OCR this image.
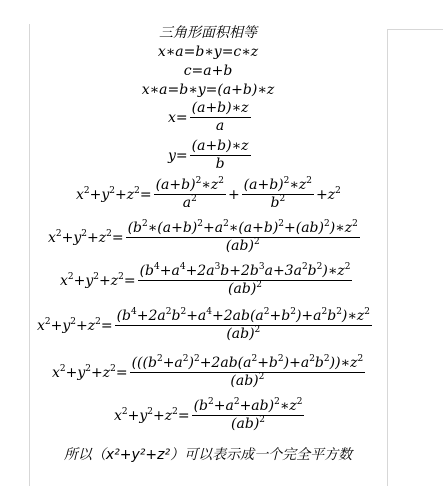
三角形面积相等
x∗a=b∗y=c∗z
c=a+b
x∗a=b∗y=(a+b)∗z
$x= \frac{(a+b)∗z}{a}$
$y= \frac{(a+b)∗z}{b}$
$x^2+y^2+z^2= \frac{(a+b)^2∗z^2}{a^2} + \frac{(a+b)^2∗z^2}{b^2} +z^2$
$x^2+y^2+z^2= \frac{(b^2∗(a+b)^2+a^2∗(a+b)^2+(ab)^2)∗z^2}{(ab)^2}$
$x^2+y^2+z^2= \frac{(b^4+a^4+2a^3b+2b^3a+3a^2b^2)∗z^2}{(ab)^2}$
$x^2+y^2+z^2= \frac{(b^4+2a^2b^2+a^4+2ab(a^2+b^2)+a^2b^2)∗z^2}{(ab)^2}$
$x^2+y^2+z^2= \frac{(((b^2+a^2)^2+2ab(a^2+b^2)+a^2b^2))∗z^2}{(ab)^2}$
$x^2+y^2+z^2= \frac{(b^2+a^2+ab)^2∗z^2}{(ab)^2}$
所以（x²+y²+z²）可以表示成一个完全平方数
